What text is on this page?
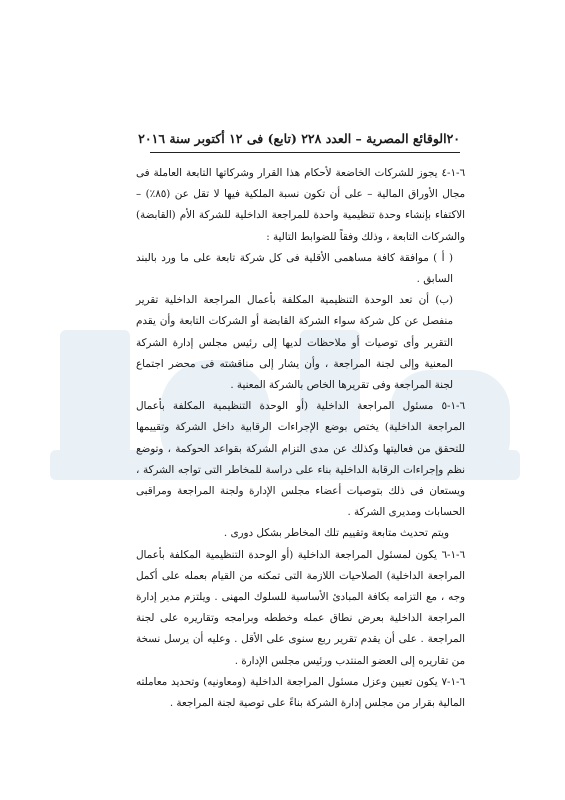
٢٠
الوقائع المصرية – العدد ٢٢٨ (تابع) فى ١٢ أكتوبر سنة ٢٠١٦

٦-١-٤ يجوز للشركات الخاضعة لأحكام هذا القرار وشركاتها التابعة العاملة فى مجال الأوراق المالية – على أن تكون نسبة الملكية فيها لا تقل عن (٨٥٪) – الاكتفاء بإنشاء وحدة تنظيمية واحدة للمراجعة الداخلية للشركة الأم (القابضة) والشركات التابعة ، وذلك وفقاً للضوابط التالية :

( أ ) موافقة كافة مساهمى الأقلية فى كل شركة تابعة على ما ورد بالبند السابق .

(ب) أن تعد الوحدة التنظيمية المكلفة بأعمال المراجعة الداخلية تقرير منفصل عن كل شركة سواء الشركة القابضة أو الشركات التابعة وأن يقدم التقرير وأى توصيات أو ملاحظات لديها إلى رئيس مجلس إدارة الشركة المعنية وإلى لجنة المراجعة ، وأن يشار إلى مناقشته فى محضر اجتماع لجنة المراجعة وفى تقريرها الخاص بالشركة المعنية .

٦-١-٥ مسئول المراجعة الداخلية (أو الوحدة التنظيمية المكلفة بأعمال المراجعة الداخلية) يختص بوضع الإجراءات الرقابية داخل الشركة وتقييمها للتحقق من فعاليتها وكذلك عن مدى التزام الشركة بقواعد الحوكمة ، وتوضع نظم وإجراءات الرقابة الداخلية بناء على دراسة للمخاطر التى تواجه الشركة ، ويستعان فى ذلك بتوصيات أعضاء مجلس الإدارة ولجنة المراجعة ومراقبى الحسابات ومديرى الشركة .

ويتم تحديث متابعة وتقييم تلك المخاطر بشكل دورى .

٦-١-٦ يكون لمسئول المراجعة الداخلية (أو الوحدة التنظيمية المكلفة بأعمال المراجعة الداخلية) الصلاحيات اللازمة التى تمكنه من القيام بعمله على أكمل وجه ، مع التزامه بكافة المبادئ الأساسية للسلوك المهنى . ويلتزم مدير إدارة المراجعة الداخلية بعرض نطاق عمله وخططه وبرامجه وتقاريره على لجنة المراجعة . على أن يقدم تقرير ربع سنوى على الأقل . وعليه أن يرسل نسخة من تقاريره إلى العضو المنتدب ورئيس مجلس الإدارة .

٦-١-٧ يكون تعيين وعزل مسئول المراجعة الداخلية (ومعاونيه) وتحديد معاملته المالية بقرار من مجلس إدارة الشركة بناءً على توصية لجنة المراجعة .
